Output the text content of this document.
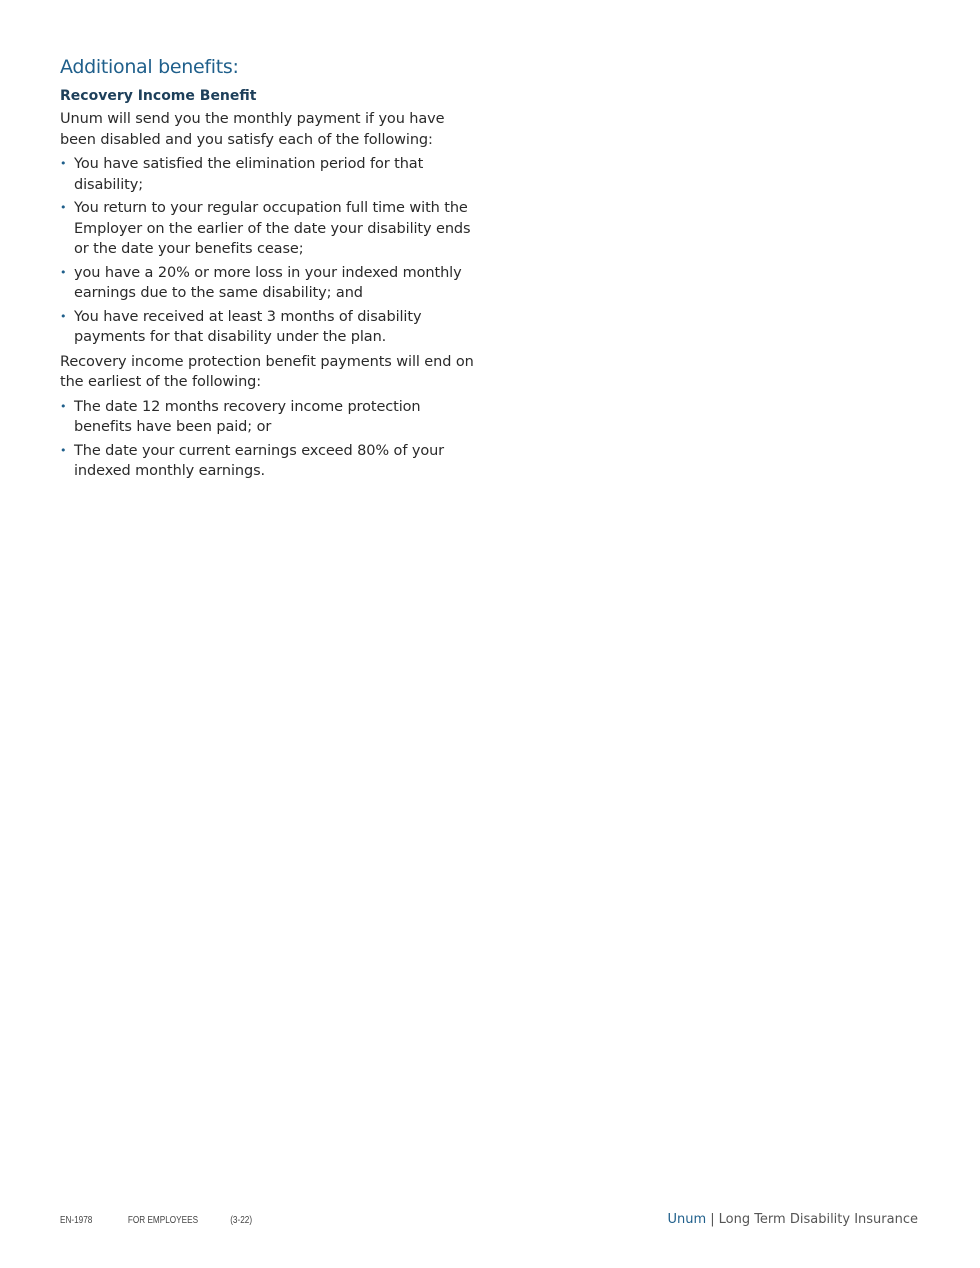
Additional benefits:
Recovery Income Benefit

Unum will send you the monthly payment if you have been disabled and you satisfy each of the following:

• You have satisfied the elimination period for that disability;
• You return to your regular occupation full time with the Employer on the earlier of the date your disability ends or the date your benefits cease;
• you have a 20% or more loss in your indexed monthly earnings due to the same disability; and
• You have received at least 3 months of disability payments for that disability under the plan.

Recovery income protection benefit payments will end on the earliest of the following:

• The date 12 months recovery income protection benefits have been paid; or
• The date your current earnings exceed 80% of your indexed monthly earnings.
EN-1978	FOR EMPLOYEES	(3-22)	Unum | Long Term Disability Insurance
